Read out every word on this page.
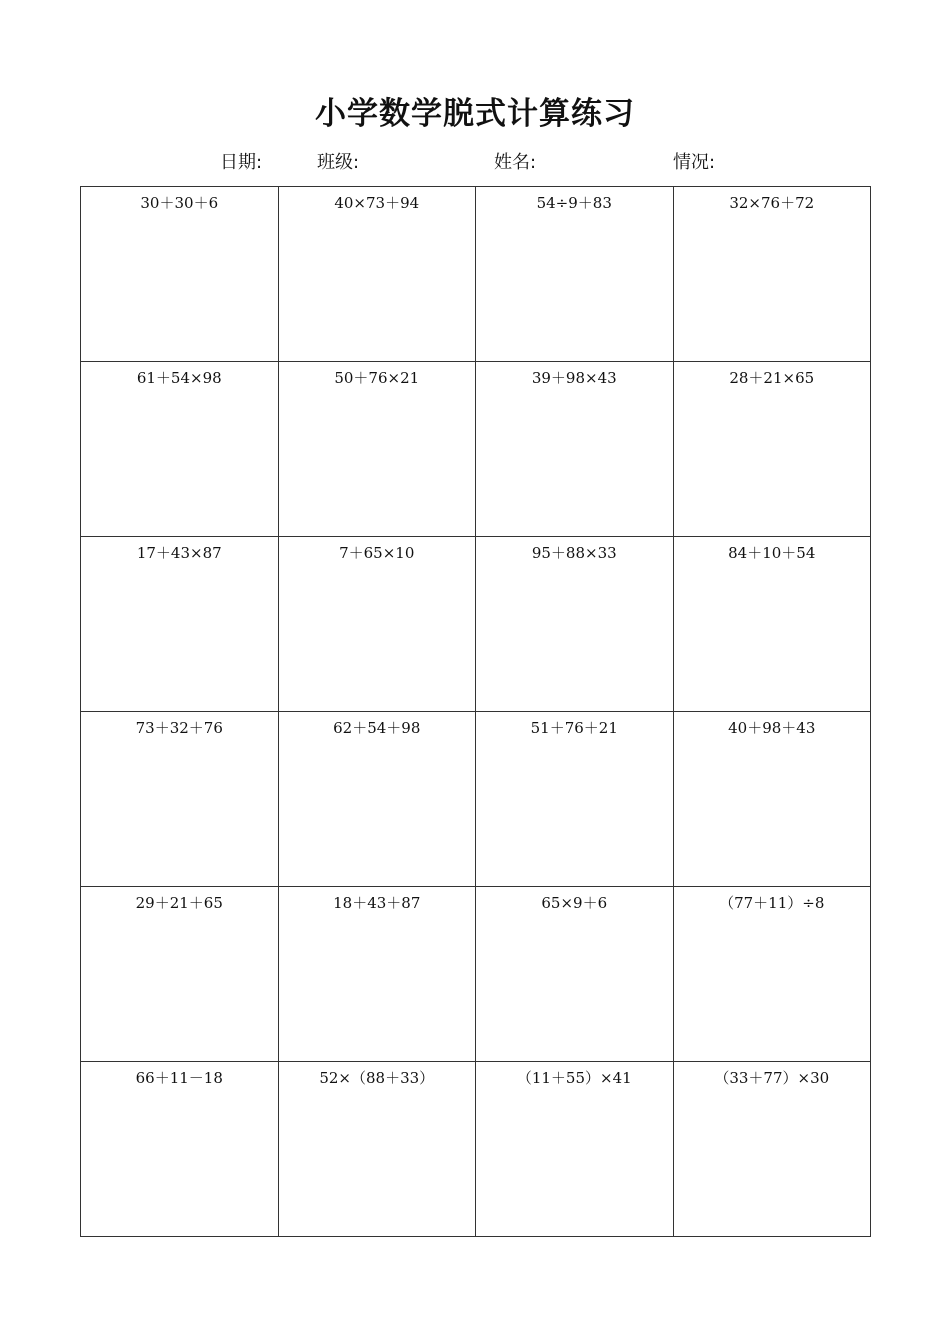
小学数学脱式计算练习
日期:	班级:	姓名:	情况:
30＋30＋6	40×73＋94	54÷9＋83	32×76＋72
61＋54×98	50＋76×21	39＋98×43	28＋21×65
17＋43×87	7＋65×10	95＋88×33	84＋10＋54
73＋32＋76	62＋54＋98	51＋76＋21	40＋98＋43
29＋21＋65	18＋43＋87	65×9＋6	（77＋11）÷8
66＋11－18	52×（88＋33）	（11＋55）×41	（33＋77）×30
